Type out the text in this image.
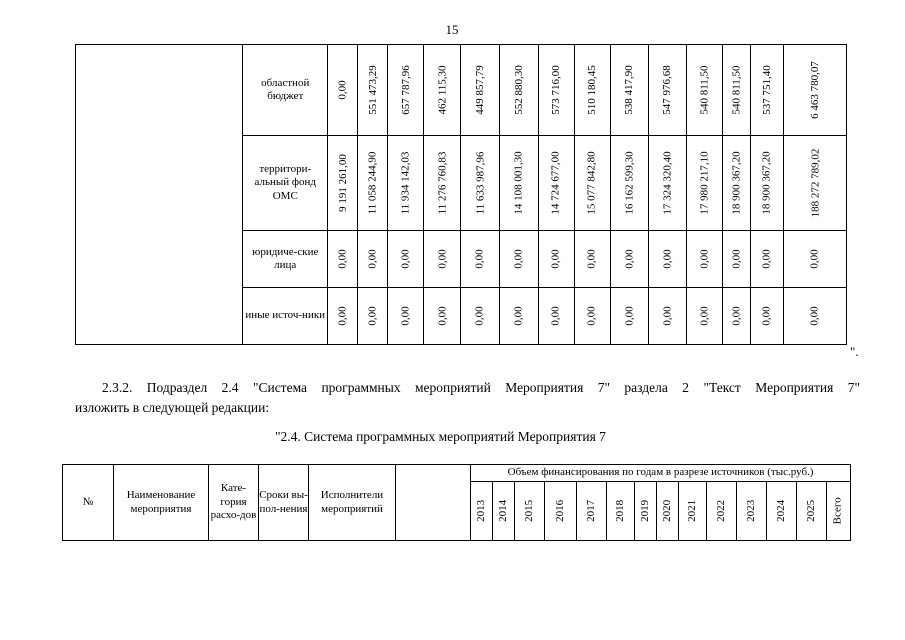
15
	областной бюджет	0,00	551 473,29	657 787,96	462 115,30	449 857,79	552 880,30	573 716,00	510 180,45	538 417,90	547 976,68	540 811,50	540 811,50	537 751,40	6 463 780,07

	территори-альный фонд ОМС	9 191 261,00	11 058 244,90	11 934 142,03	11 276 760,83	11 633 987,96	14 108 001,30	14 724 677,00	15 077 842,80	16 162 599,30	17 324 320,40	17 980 217,10	18 900 367,20	18 900 367,20	188 272 789,02

	юридиче-ские лица	0,00	0,00	0,00	0,00	0,00	0,00	0,00	0,00	0,00	0,00	0,00	0,00	0,00	0,00

	иные источ-ники	0,00	0,00	0,00	0,00	0,00	0,00	0,00	0,00	0,00	0,00	0,00	0,00	0,00	0,00
".
2.3.2. Подраздел 2.4 "Система программных мероприятий Мероприятия 7" раздела 2 "Текст Мероприятия 7"
изложить в следующей редакции:
"2.4. Система программных мероприятий Мероприятия 7
№	Наименование мероприятия	Кате-гория расхо-дов	Сроки вы-пол-нения	Исполнители мероприятий		Объем финансирования по годам в разрезе источников (тыс.руб.)													

						2013	2014	2015	2016	2017	2018	2019	2020	2021	2022	2023	2024	2025	Всего
